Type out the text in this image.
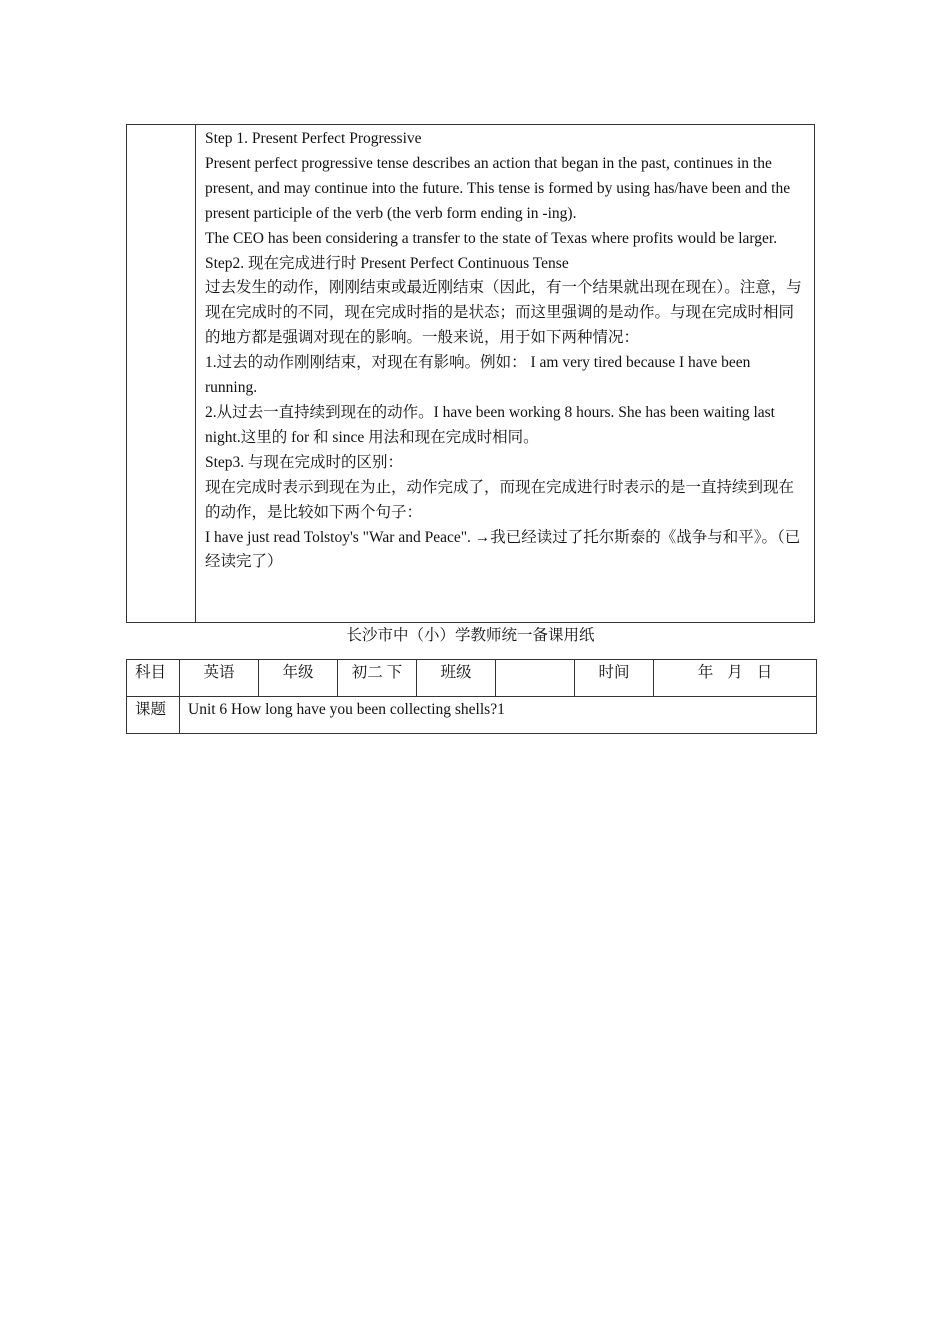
Step 1. Present Perfect Progressive

Present perfect progressive tense describes an action that began in the past, continues in the present, and may continue into the future. This tense is formed by using has/have been and the present participle of the verb (the verb form ending in -ing).

The CEO has been considering a transfer to the state of Texas where profits would be larger.

Step2. 现在完成进行时 Present Perfect Continuous Tense

过去发生的动作，刚刚结束或最近刚结束（因此，有一个结果就出现在现在）。注意，与现在完成时的不同，现在完成时指的是状态；而这里强调的是动作。与现在完成时相同的地方都是强调对现在的影响。一般来说，用于如下两种情况：

1.过去的动作刚刚结束，对现在有影响。例如： I am very tired because I have been running.

2.从过去一直持续到现在的动作。I have been working 8 hours. She has been waiting last night.这里的 for 和 since 用法和现在完成时相同。

Step3. 与现在完成时的区别：

现在完成时表示到现在为止，动作完成了，而现在完成进行时表示的是一直持续到现在的动作，是比较如下两个句子：

I have just read Tolstoy's "War and Peace". →我已经读过了托尔斯泰的《战争与和平》。（已经读完了）

长沙市中（小）学教师统一备课用纸
科目	英语	年级	初二 下	班级		时间	年 月 日
课题	Unit 6 How long have you been collecting shells?1						
